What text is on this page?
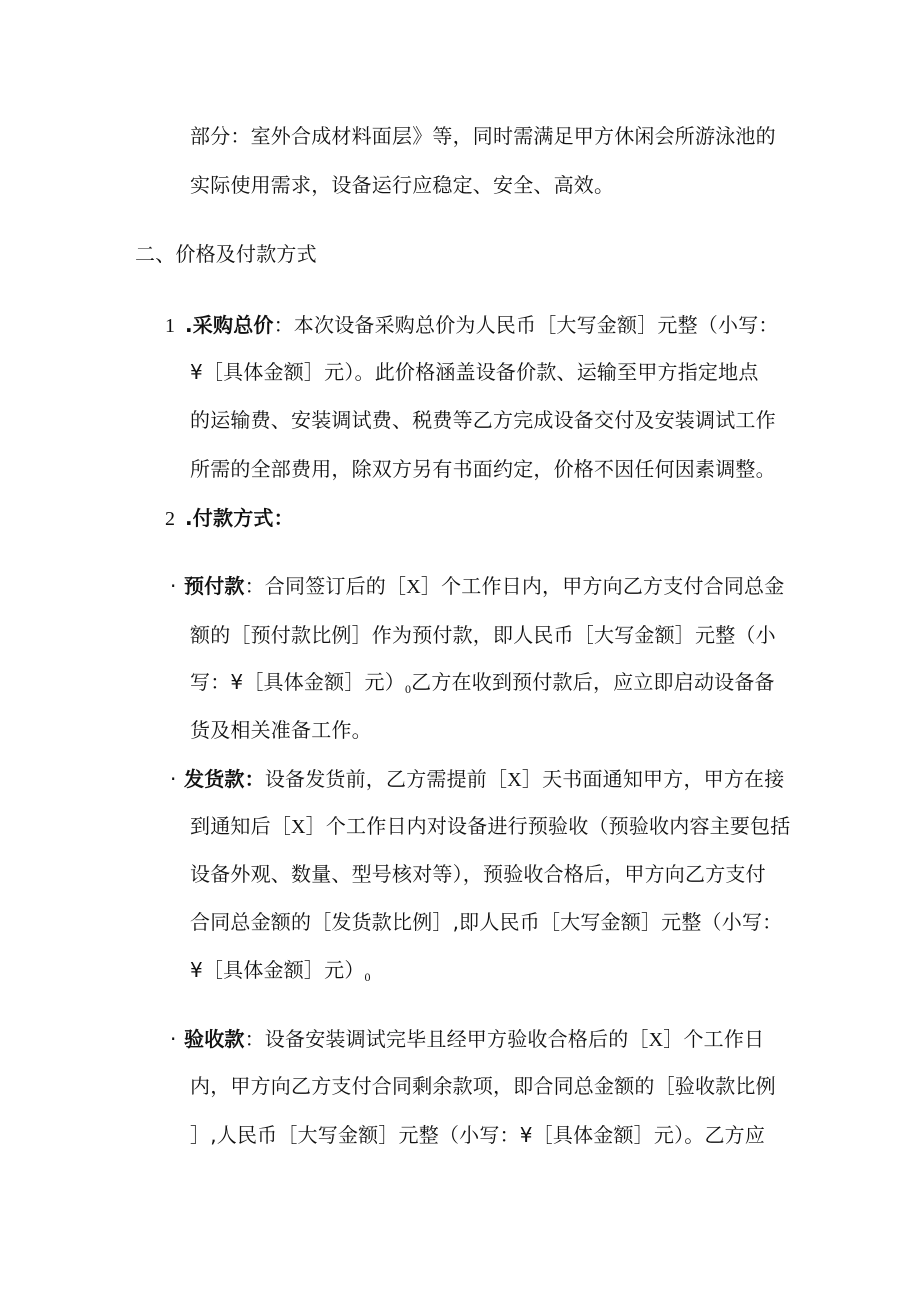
部分：室外合成材料面层》等，同时需满足甲方休闲会所游泳池的
实际使用需求，设备运行应稳定、安全、高效。
二、价格及付款方式
1 .采购总价：本次设备采购总价为人民币［大写金额］元整（小写：
¥［具体金额］元）。此价格涵盖设备价款、运输至甲方指定地点
的运输费、安装调试费、税费等乙方完成设备交付及安装调试工作
所需的全部费用，除双方另有书面约定，价格不因任何因素调整。
2 .付款方式：
· 预付款：合同签订后的［X］个工作日内，甲方向乙方支付合同总金
额的［预付款比例］作为预付款，即人民币［大写金额］元整（小
写：¥［具体金额］元）$_0$乙方在收到预付款后，应立即启动设备备
货及相关准备工作。
· 发货款：设备发货前，乙方需提前［X］天书面通知甲方，甲方在接
到通知后［X］个工作日内对设备进行预验收（预验收内容主要包括
设备外观、数量、型号核对等），预验收合格后，甲方向乙方支付
合同总金额的［发货款比例］,即人民币［大写金额］元整（小写：
¥［具体金额］元）$_0$
· 验收款：设备安装调试完毕且经甲方验收合格后的［X］个工作日
内，甲方向乙方支付合同剩余款项，即合同总金额的［验收款比例
］,人民币［大写金额］元整（小写：¥［具体金额］元）。乙方应
